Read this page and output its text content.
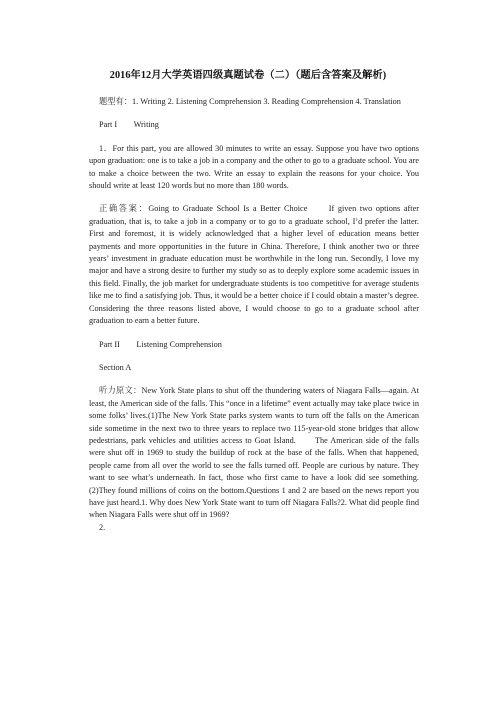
2016年12月大学英语四级真题试卷（二）（题后含答案及解析)

题型有：1. Writing 2. Listening Comprehension 3. Reading Comprehension 4. Translation

Part I　　Writing

1．For this part, you are allowed 30 minutes to write an essay. Suppose you have two options upon graduation: one is to take a job in a company and the other to go to a graduate school. You are to make a choice between the two. Write an essay to explain the reasons for your choice. You should write at least 120 words but no more than 180 words.

正确答案：Going to Graduate School Is a Better Choice　　If given two options after graduation, that is, to take a job in a company or to go to a graduate school, I’d prefer the latter.　　First and foremost, it is widely acknowledged that a higher level of education means better payments and more opportunities in the future in China. Therefore, I think another two or three years’ investment in graduate education must be worthwhile in the long run. Secondly, I love my major and have a strong desire to further my study so as to deeply explore some academic issues in this field. Finally, the job market for undergraduate students is too competitive for average students like me to find a satisfying job. Thus, it would be a better choice if I could obtain a master’s degree.　　Considering the three reasons listed above, I would choose to go to a graduate school after graduation to earn a better future.

Part II　　Listening Comprehension

Section A

听力原文：New York State plans to shut off the thundering waters of Niagara Falls—again. At least, the American side of the falls. This “once in a lifetime” event actually may take place twice in some folks’ lives.(1)The New York State parks system wants to turn off the falls on the American side sometime in the next two to three years to replace two 115-year-old stone bridges that allow pedestrians, park vehicles and utilities access to Goat Island.　　The American side of the falls were shut off in 1969 to study the buildup of rock at the base of the falls. When that happened, people came from all over the world to see the falls turned off. People are curious by nature. They want to see what’s underneath. In fact, those who first came to have a look did see something.(2)They found millions of coins on the bottom.Questions 1 and 2 are based on the news report you have just heard.1. Why does New York State want to turn off Niagara Falls?2. What did people find when Niagara Falls were shut off in 1969?

2.
